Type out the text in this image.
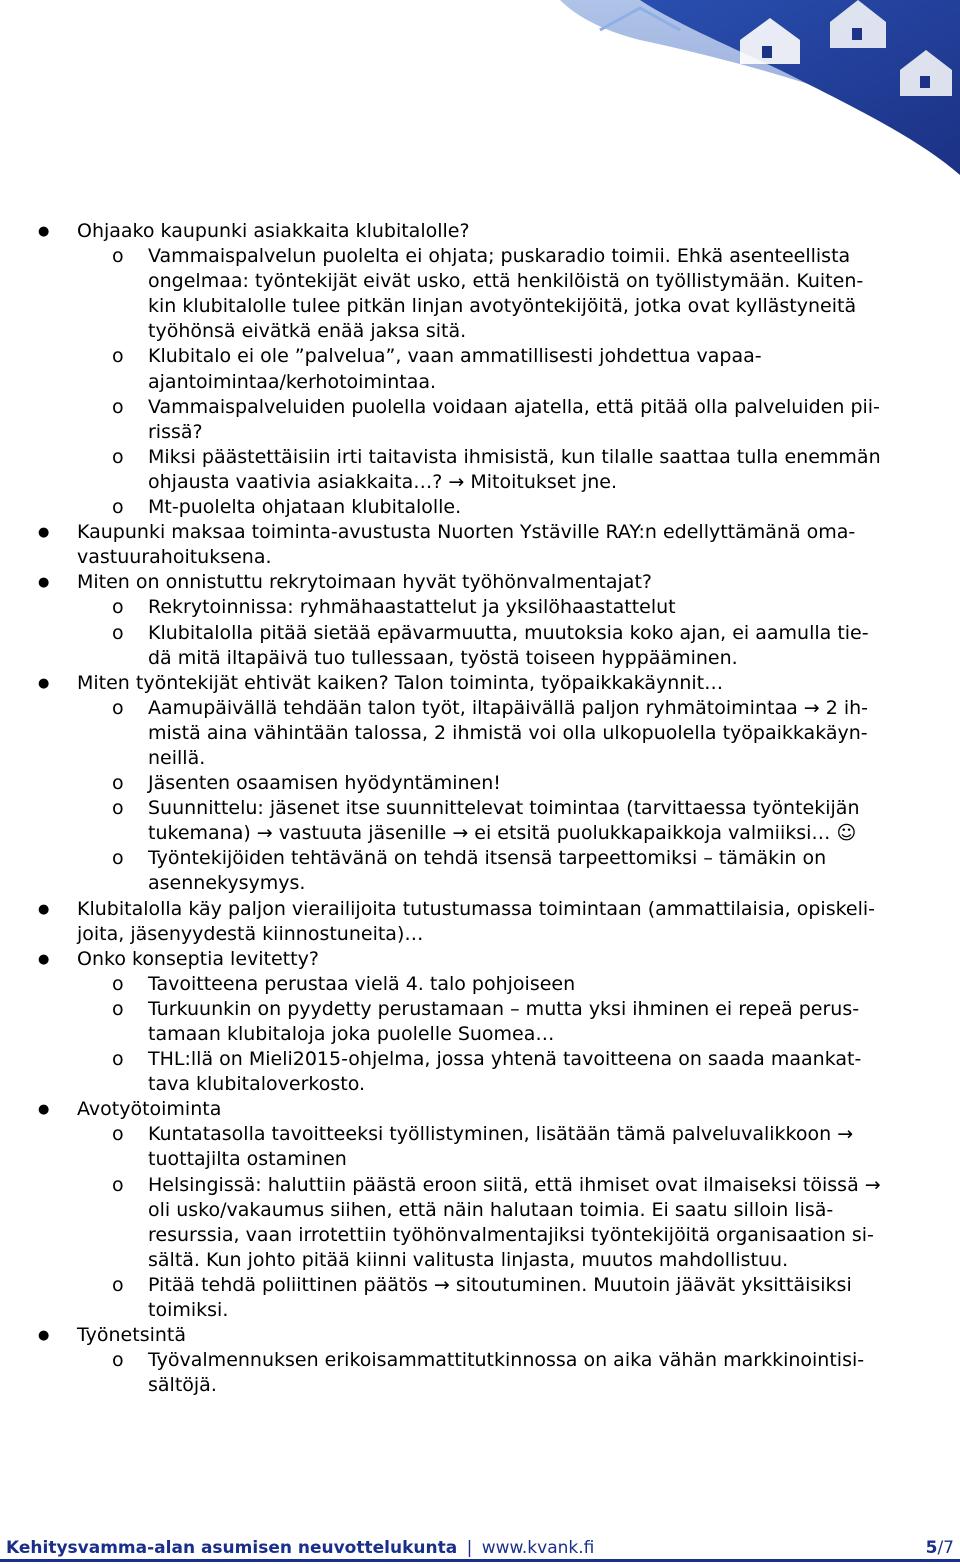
● Ohjaako kaupunki asiakkaita klubitalolle?
o Vammaispalvelun puolelta ei ohjata; puskaradio toimii. Ehkä asenteellista
ongelmaa: työntekijät eivät usko, että henkilöistä on työllistymään. Kuiten-
kin klubitalolle tulee pitkän linjan avotyöntekijöitä, jotka ovat kyllästyneitä
työhönsä eivätkä enää jaksa sitä.
o Klubitalo ei ole ”palvelua”, vaan ammatillisesti johdettua vapaa-
ajantoimintaa/kerhotoimintaa.
o Vammaispalveluiden puolella voidaan ajatella, että pitää olla palveluiden pii-
rissä?
o Miksi päästettäisiin irti taitavista ihmisistä, kun tilalle saattaa tulla enemmän
ohjausta vaativia asiakkaita…? → Mitoitukset jne.
o Mt-puolelta ohjataan klubitalolle.
● Kaupunki maksaa toiminta-avustusta Nuorten Ystäville RAY:n edellyttämänä oma-
vastuurahoituksena.
● Miten on onnistuttu rekrytoimaan hyvät työhönvalmentajat?
o Rekrytoinnissa: ryhmähaastattelut ja yksilöhaastattelut
o Klubitalolla pitää sietää epävarmuutta, muutoksia koko ajan, ei aamulla tie-
dä mitä iltapäivä tuo tullessaan, työstä toiseen hyppääminen.
● Miten työntekijät ehtivät kaiken? Talon toiminta, työpaikkakäynnit…
o Aamupäivällä tehdään talon työt, iltapäivällä paljon ryhmätoimintaa → 2 ih-
mistä aina vähintään talossa, 2 ihmistä voi olla ulkopuolella työpaikkakäyn-
neillä.
o Jäsenten osaamisen hyödyntäminen!
o Suunnittelu: jäsenet itse suunnittelevat toimintaa (tarvittaessa työntekijän
tukemana) → vastuuta jäsenille → ei etsitä puolukkapaikkoja valmiiksi… ☺
o Työntekijöiden tehtävänä on tehdä itsensä tarpeettomiksi – tämäkin on
asennekysymys.
● Klubitalolla käy paljon vierailijoita tutustumassa toimintaan (ammattilaisia, opiskeli-
joita, jäsenyydestä kiinnostuneita)…
● Onko konseptia levitetty?
o Tavoitteena perustaa vielä 4. talo pohjoiseen
o Turkuunkin on pyydetty perustamaan – mutta yksi ihminen ei repeä perus-
tamaan klubitaloja joka puolelle Suomea…
o THL:llä on Mieli2015-ohjelma, jossa yhtenä tavoitteena on saada maankat-
tava klubitaloverkosto.
● Avotyötoiminta
o Kuntatasolla tavoitteeksi työllistyminen, lisätään tämä palveluvalikkoon →
tuottajilta ostaminen
o Helsingissä: haluttiin päästä eroon siitä, että ihmiset ovat ilmaiseksi töissä →
oli usko/vakaumus siihen, että näin halutaan toimia. Ei saatu silloin lisä-
resurssia, vaan irrotettiin työhönvalmentajiksi työntekijöitä organisaation si-
sältä. Kun johto pitää kiinni valitusta linjasta, muutos mahdollistuu.
o Pitää tehdä poliittinen päätös → sitoutuminen. Muutoin jäävät yksittäisiksi
toimiksi.
● Työnetsintä
o Työvalmennuksen erikoisammattitutkinnossa on aika vähän markkinointisi-
sältöjä.
Kehitysvamma-alan asumisen neuvottelukunta | www.kvank.fi	5/7
